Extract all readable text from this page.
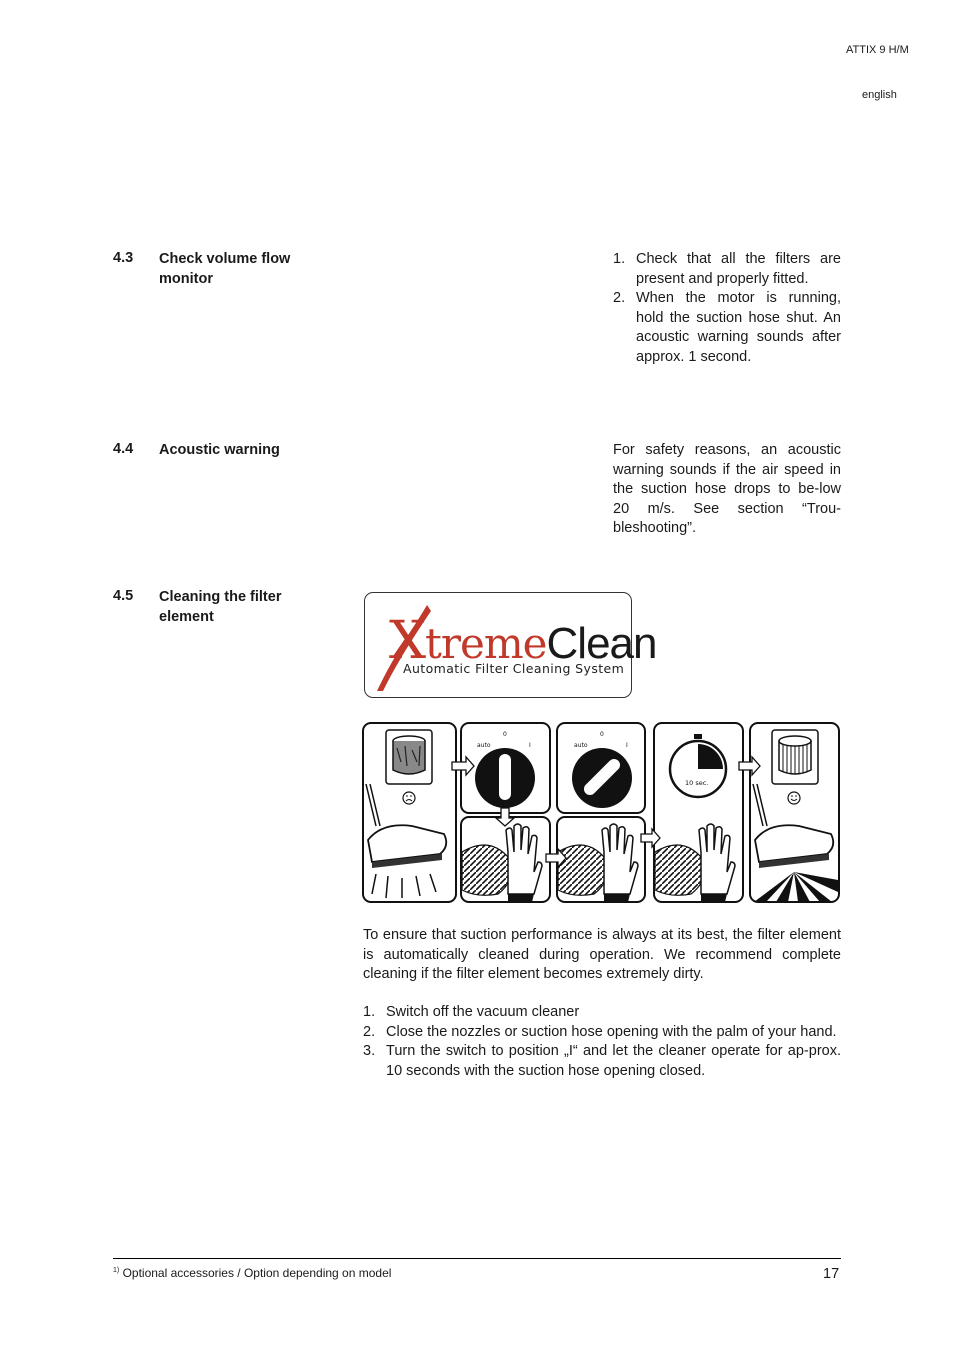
ATTIX 9 H/M
english
4.3 Check volume flow monitor
1. Check that all the filters are present and properly fitted.
2. When the motor is running, hold the suction hose shut. An acoustic warning sounds after approx. 1 second.
4.4 Acoustic warning	For safety reasons, an acoustic warning sounds if the air speed in the suction hose drops to be-low 20 m/s. See section “Trou-bleshooting”.
4.5 Cleaning the filter element	XtremeClean
Automatic Filter Cleaning System
auto
0
I	auto
0
I
10 sec.
To ensure that suction performance is always at its best, the filter element is automatically cleaned during operation. We recommend complete cleaning if the filter element becomes extremely dirty.
1. Switch off the vacuum cleaner
2. Close the nozzles or suction hose opening with the palm of your hand.
3. Turn the switch to position „I“ and let the cleaner operate for ap-prox. 10 seconds with the suction hose opening closed.
$^{1)}$ Optional accessories / Option depending on model	17
